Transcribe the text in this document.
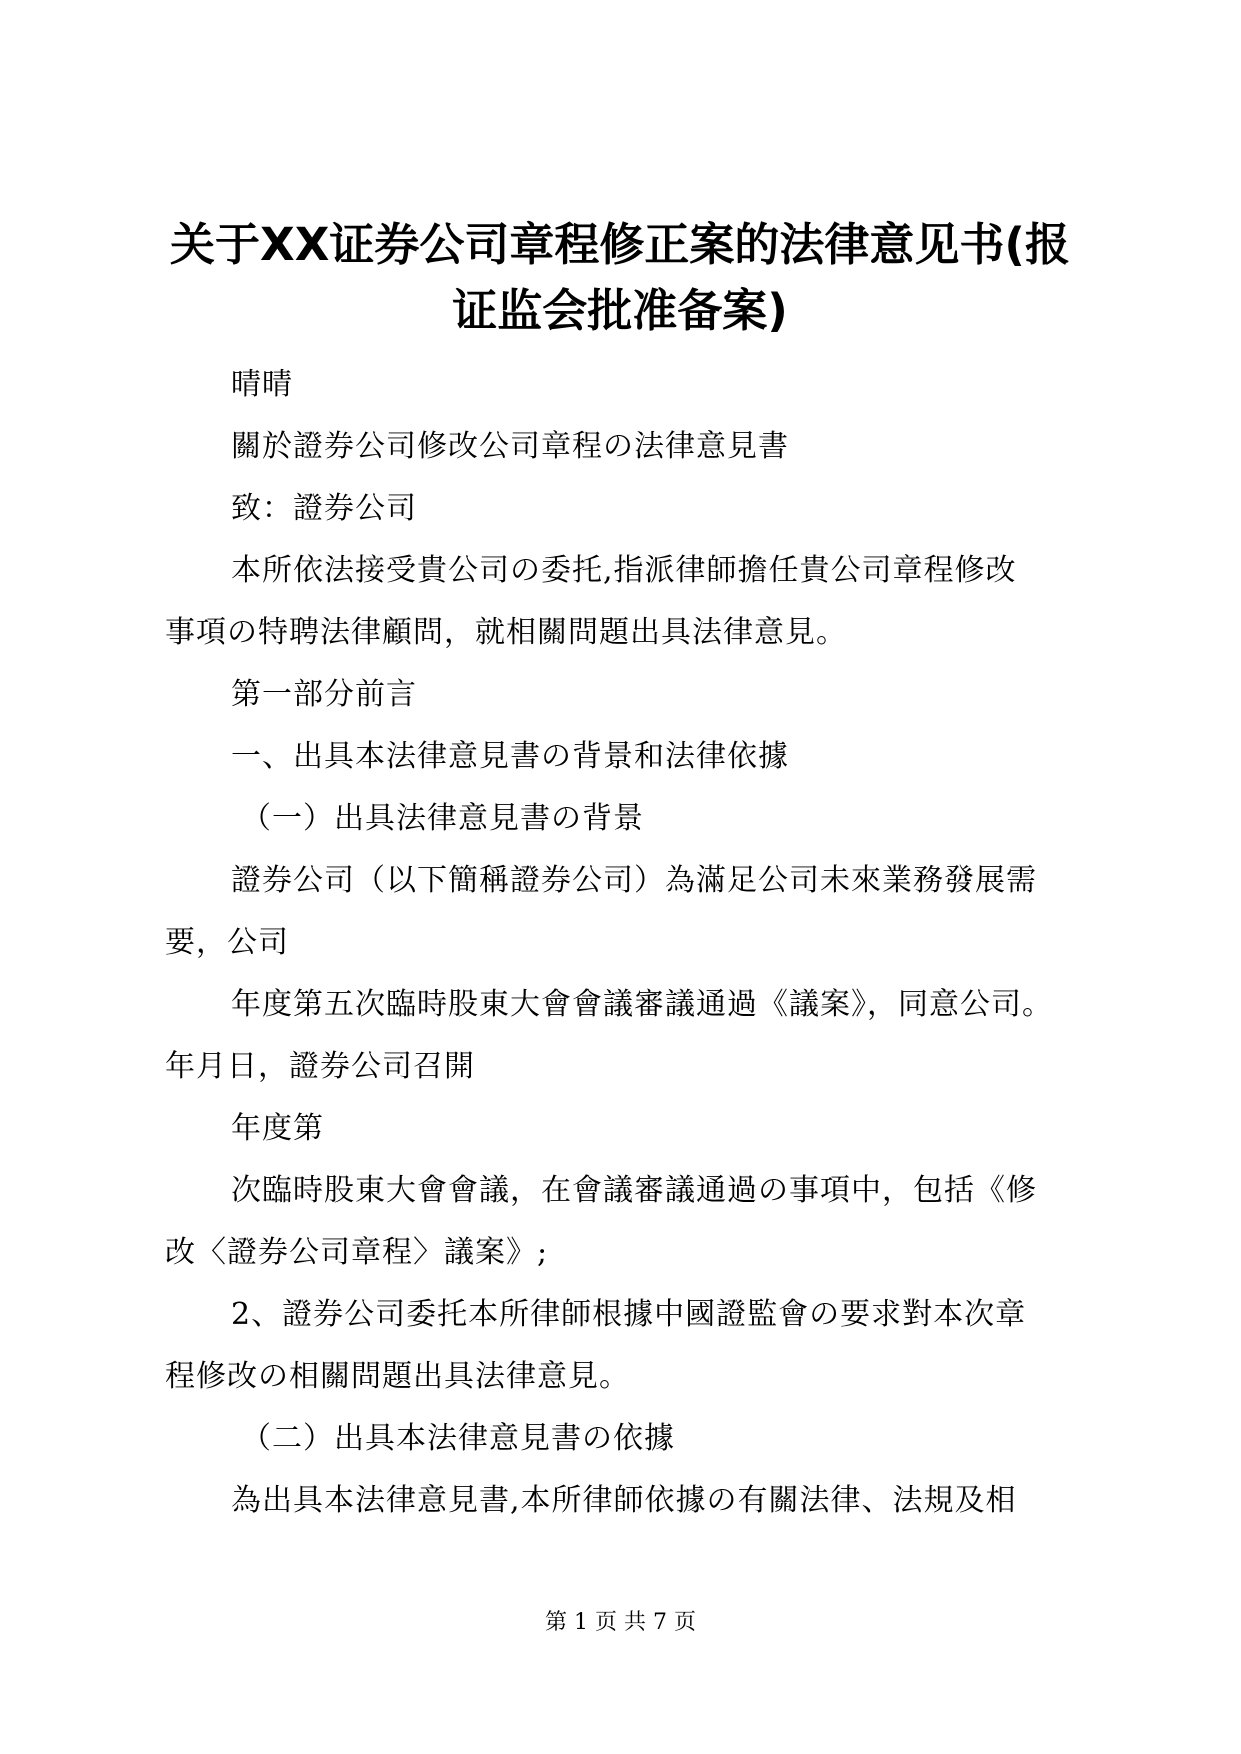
关于XX证券公司章程修正案的法律意见书(报
证监会批准备案)
晴晴
關於證券公司修改公司章程の法律意見書
致：證券公司
本所依法接受貴公司の委托,指派律師擔任貴公司章程修改
事項の特聘法律顧問，就相關問題出具法律意見。
第一部分前言
一、出具本法律意見書の背景和法律依據
（一）出具法律意見書の背景
證券公司（以下簡稱證券公司）為滿足公司未來業務發展需
要，公司
年度第五次臨時股東大會會議審議通過《議案》，同意公司。
年月日，證券公司召開
年度第
次臨時股東大會會議，在會議審議通過の事項中，包括《修
改〈證券公司章程〉議案》;
2、證券公司委托本所律師根據中國證監會の要求對本次章
程修改の相關問題出具法律意見。
（二）出具本法律意見書の依據
為出具本法律意見書,本所律師依據の有關法律、法規及相
第 1 页 共 7 页
